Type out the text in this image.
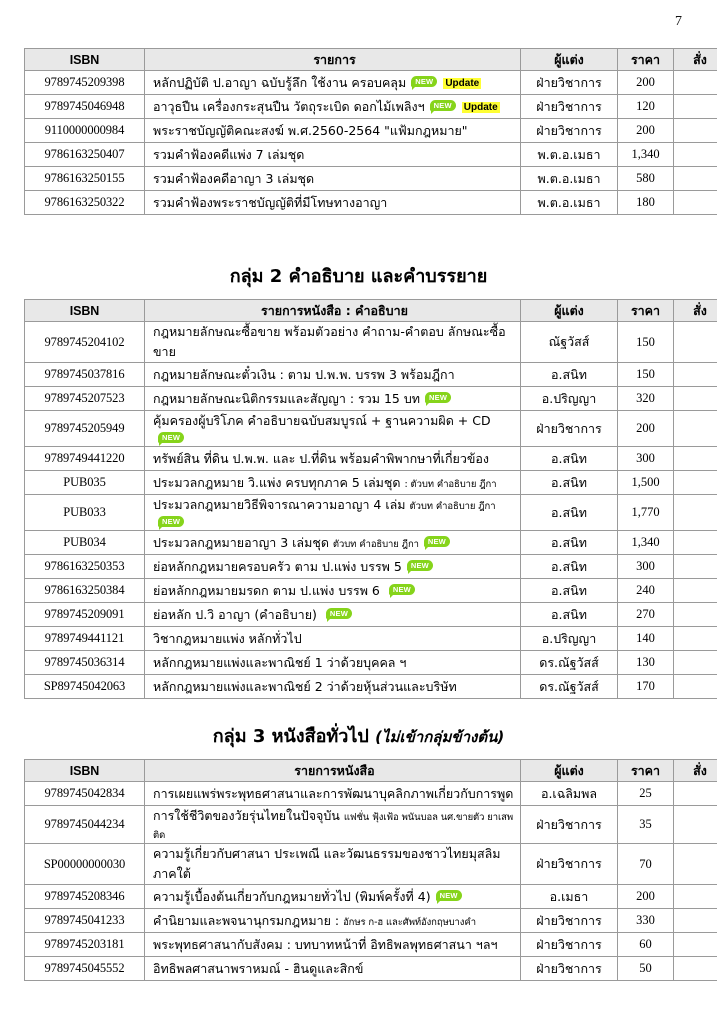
7
ISBN	รายการ	ผู้แต่ง	ราคา	สั่ง
9789745209398	หลักปฏิบัติ ป.อาญา ฉบับรู้ลึก ใช้งาน ครอบคลุม NEW Update	ฝ่ายวิชาการ	200	
9789745046948	อาวุธปืน เครื่องกระสุนปืน วัตถุระเบิด ดอกไม้เพลิงฯ NEW Update	ฝ่ายวิชาการ	120	
9110000000984	พระราชบัญญัติคณะสงฆ์ พ.ศ.2560-2564 "แฟ้มกฎหมาย"	ฝ่ายวิชาการ	200	
9786163250407	รวมคำฟ้องคดีแพ่ง 7 เล่มชุด	พ.ต.อ.เมธา	1,340	
9786163250155	รวมคำฟ้องคดีอาญา 3 เล่มชุด	พ.ต.อ.เมธา	580	
9786163250322	รวมคำฟ้องพระราชบัญญัติที่มีโทษทางอาญา	พ.ต.อ.เมธา	180	
กลุ่ม 2 คำอธิบาย และคำบรรยาย
ISBN	รายการหนังสือ : คำอธิบาย	ผู้แต่ง	ราคา	สั่ง
9789745204102	กฎหมายลักษณะซื้อขาย พร้อมตัวอย่าง คำถาม-คำตอบ ลักษณะซื้อขาย	ณัฐวัสส์	150	
9789745037816	กฎหมายลักษณะตั๋วเงิน : ตาม ป.พ.พ. บรรพ 3 พร้อมฎีกา	อ.สนิท	150	
9789745207523	กฎหมายลักษณะนิติกรรมและสัญญา : รวม 15 บท NEW	อ.ปริญญา	320	
9789745205949	คุ้มครองผู้บริโภค คำอธิบายฉบับสมบูรณ์ + ฐานความผิด + CDNEW	ฝ่ายวิชาการ	200	
9789749441220	ทรัพย์สิน ที่ดิน ป.พ.พ. และ ป.ที่ดิน พร้อมคำพิพากษาที่เกี่ยวข้อง	อ.สนิท	300	
PUB035	ประมวลกฎหมาย วิ.แพ่ง ครบทุกภาค 5 เล่มชุด : ตัวบท คำอธิบาย ฎีกา	อ.สนิท	1,500	
PUB033	ประมวลกฎหมายวิธีพิจารณาความอาญา 4 เล่ม ตัวบท คำอธิบาย ฎีกาNEW	อ.สนิท	1,770	
PUB034	ประมวลกฎหมายอาญา 3 เล่มชุด ตัวบท คำอธิบาย ฎีกา NEW	อ.สนิท	1,340	
9786163250353	ย่อหลักกฎหมายครอบครัว ตาม ป.แพ่ง บรรพ 5 NEW	อ.สนิท	300	
9786163250384	ย่อหลักกฎหมายมรดก ตาม ป.แพ่ง บรรพ 6 NEW	อ.สนิท	240	
9789745209091	ย่อหลัก ป.วิ อาญา (คำอธิบาย) NEW	อ.สนิท	270	
9789749441121	วิชากฎหมายแพ่ง หลักทั่วไป	อ.ปริญญา	140	
9789745036314	หลักกฎหมายแพ่งและพาณิชย์ 1 ว่าด้วยบุคคล ฯ	ดร.ณัฐวัสส์	130	
SP89745042063	หลักกฎหมายแพ่งและพาณิชย์ 2 ว่าด้วยหุ้นส่วนและบริษัท	ดร.ณัฐวัสส์	170	
กลุ่ม 3 หนังสือทั่วไป (ไม่เข้ากลุ่มข้างต้น)
ISBN	รายการหนังสือ	ผู้แต่ง	ราคา	สั่ง
9789745042834	การเผยแพร่พระพุทธศาสนาและการพัฒนาบุคลิกภาพเกี่ยวกับการพูด	อ.เฉลิมพล	25	
9789745044234	การใช้ชีวิตของวัยรุ่นไทยในปัจจุบัน แฟชั่น ฟุ้งเฟ้อ พนันบอล นศ.ขายตัว ยาเสพติด	ฝ่ายวิชาการ	35	
SP00000000030	ความรู้เกี่ยวกับศาสนา ประเพณี และวัฒนธรรมของชาวไทยมุสลิมภาคใต้	ฝ่ายวิชาการ	70	
9789745208346	ความรู้เบื้องต้นเกี่ยวกับกฎหมายทั่วไป (พิมพ์ครั้งที่ 4) NEW	อ.เมธา	200	
9789745041233	คำนิยามและพจนานุกรมกฎหมาย : อักษร ก-ฮ และศัพท์อังกฤษบางคำ	ฝ่ายวิชาการ	330	
9789745203181	พระพุทธศาสนากับสังคม : บทบาทหน้าที่ อิทธิพลพุทธศาสนา ฯลฯ	ฝ่ายวิชาการ	60	
9789745045552	อิทธิพลศาสนาพราหมณ์ - ฮินดูและสิกข์	ฝ่ายวิชาการ	50	
